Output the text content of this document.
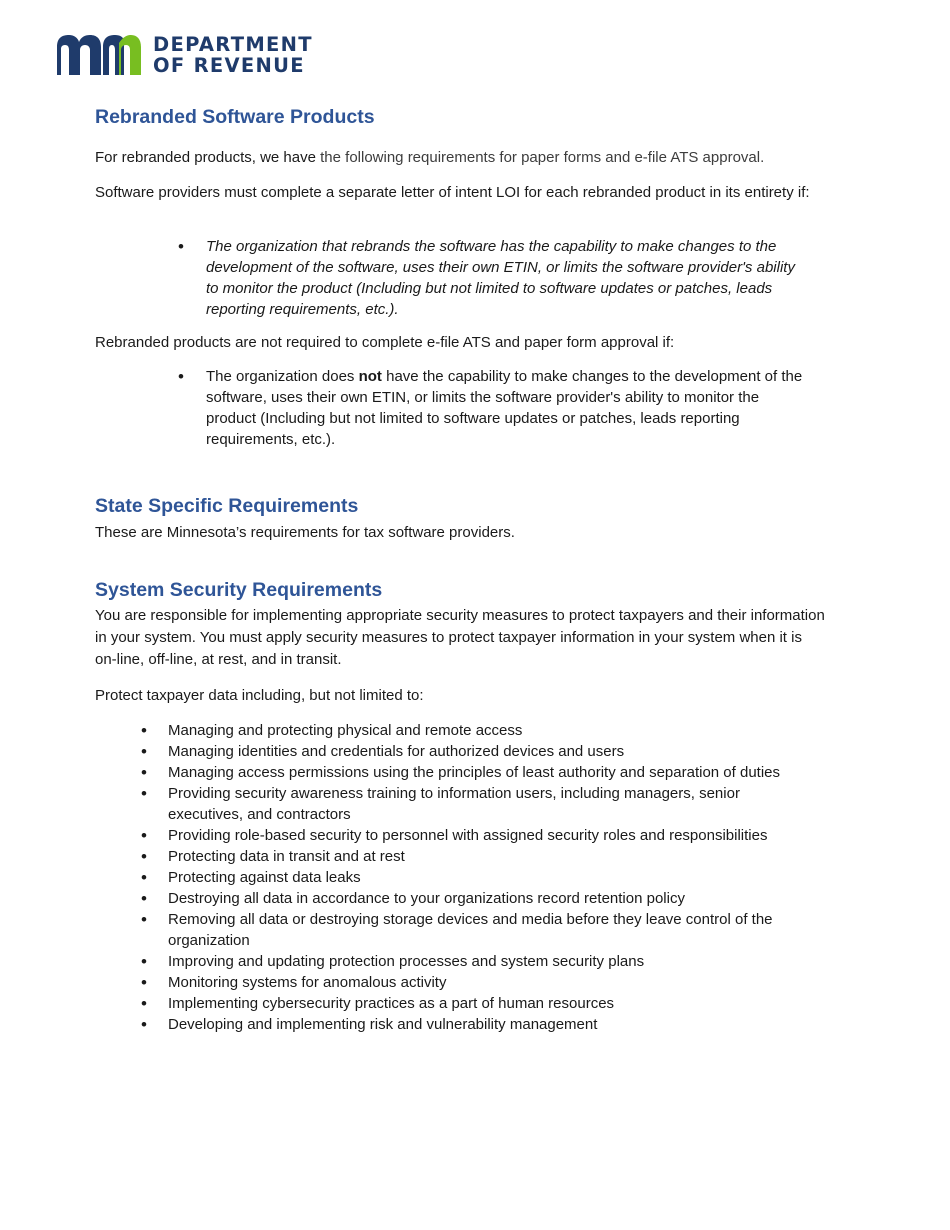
DEPARTMENT
OF REVENUE
Rebranded Software Products

For rebranded products, we have the following requirements for paper forms and e-file ATS approval.

Software providers must complete a separate letter of intent LOI for each rebranded product in its entirety if:

• The organization that rebrands the software has the capability to make changes to the development of the software, uses their own ETIN, or limits the software provider's ability to monitor the product (Including but not limited to software updates or patches, leads reporting requirements, etc.).

Rebranded products are not required to complete e-file ATS and paper form approval if:

• The organization does not have the capability to make changes to the development of the software, uses their own ETIN, or limits the software provider's ability to monitor the product (Including but not limited to software updates or patches, leads reporting requirements, etc.).
State Specific Requirements

These are Minnesota’s requirements for tax software providers.

System Security Requirements

You are responsible for implementing appropriate security measures to protect taxpayers and their information in your system. You must apply security measures to protect taxpayer information in your system when it is on-line, off-line, at rest, and in transit.

Protect taxpayer data including, but not limited to:

• Managing and protecting physical and remote access
• Managing identities and credentials for authorized devices and users
• Managing access permissions using the principles of least authority and separation of duties
• Providing security awareness training to information users, including managers, senior executives, and contractors
• Providing role-based security to personnel with assigned security roles and responsibilities
• Protecting data in transit and at rest
• Protecting against data leaks
• Destroying all data in accordance to your organizations record retention policy
• Removing all data or destroying storage devices and media before they leave control of the organization
• Improving and updating protection processes and system security plans
• Monitoring systems for anomalous activity
• Implementing cybersecurity practices as a part of human resources
• Developing and implementing risk and vulnerability management
